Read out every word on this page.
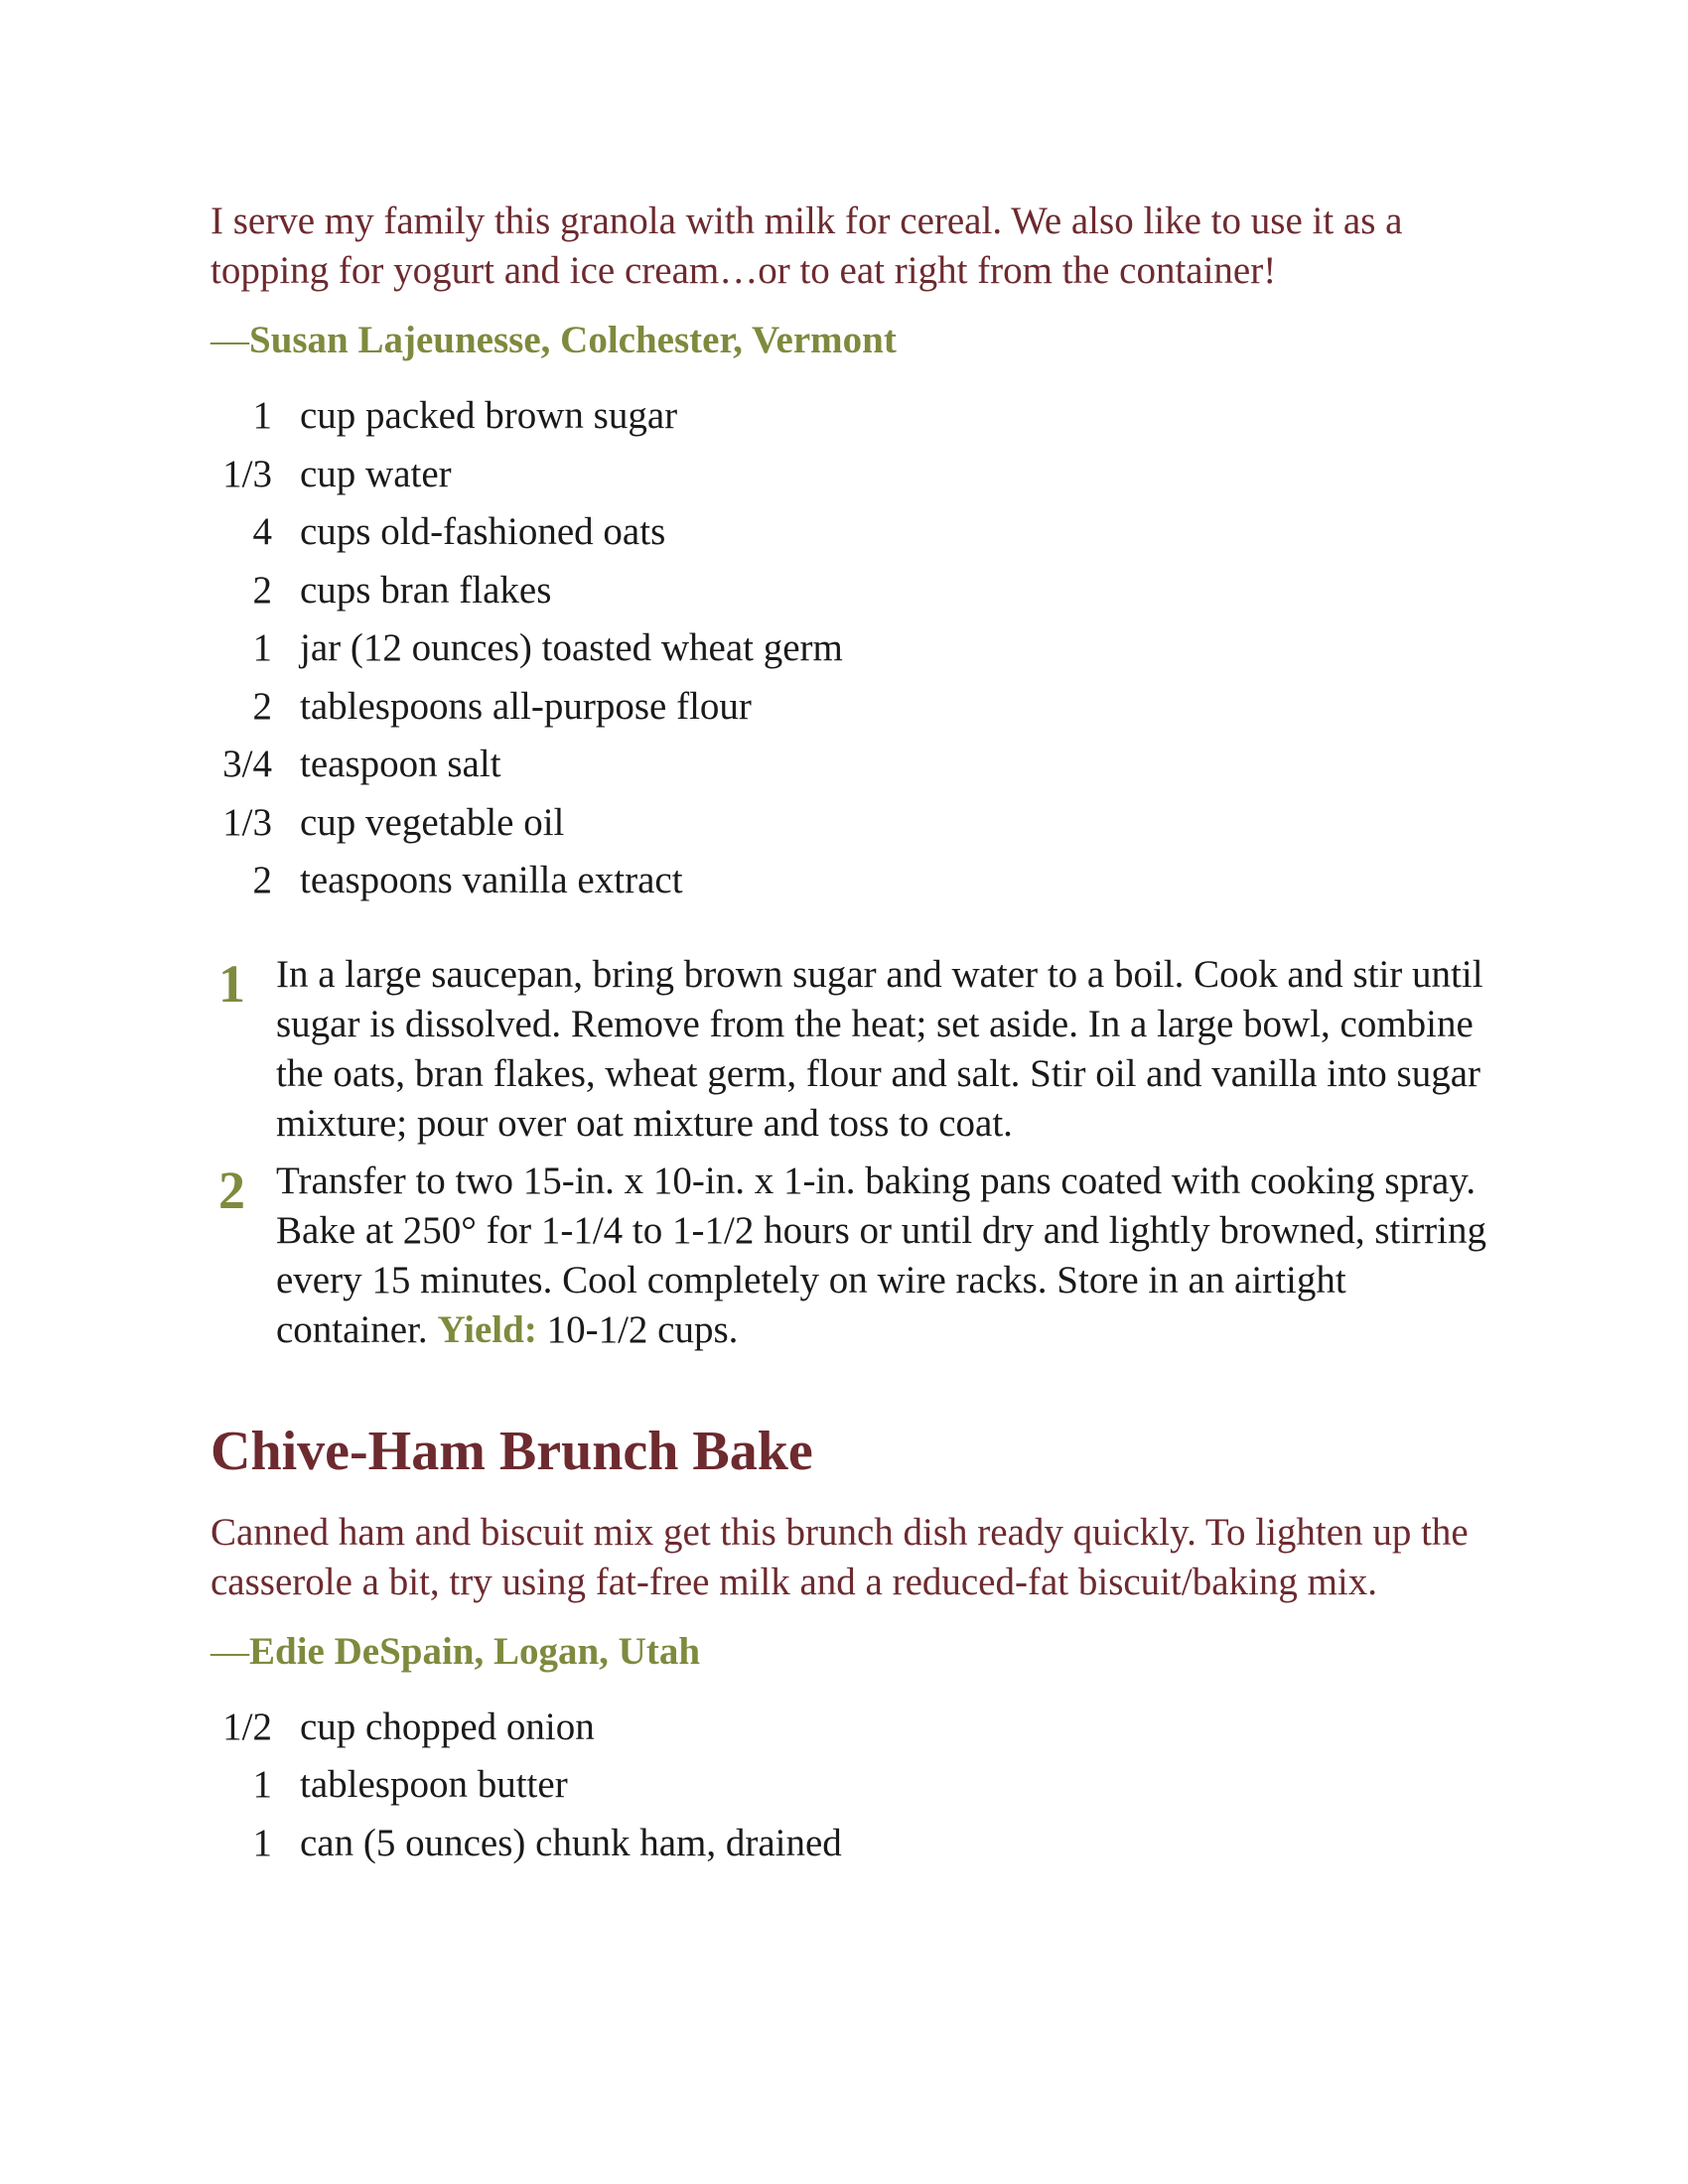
I serve my family this granola with milk for cereal. We also like to use it as a topping for yogurt and ice cream…or to eat right from the container!

—Susan Lajeunesse, Colchester, Vermont

1 cup packed brown sugar
1/3 cup water
4 cups old-fashioned oats
2 cups bran flakes
1 jar (12 ounces) toasted wheat germ
2 tablespoons all-purpose flour
3/4 teaspoon salt
1/3 cup vegetable oil
2 teaspoons vanilla extract
1 In a large saucepan, bring brown sugar and water to a boil. Cook and stir until sugar is dissolved. Remove from the heat; set aside. In a large bowl, combine the oats, bran flakes, wheat germ, flour and salt. Stir oil and vanilla into sugar mixture; pour over oat mixture and toss to coat.
2 Transfer to two 15-in. x 10-in. x 1-in. baking pans coated with cooking spray. Bake at 250° for 1-1/4 to 1-1/2 hours or until dry and lightly browned, stirring every 15 minutes. Cool completely on wire racks. Store in an airtight container. Yield: 10-1/2 cups.
Chive-Ham Brunch Bake

Canned ham and biscuit mix get this brunch dish ready quickly. To lighten up the casserole a bit, try using fat-free milk and a reduced-fat biscuit/baking mix.

—Edie DeSpain, Logan, Utah

1/2 cup chopped onion
1 tablespoon butter
1 can (5 ounces) chunk ham, drained
